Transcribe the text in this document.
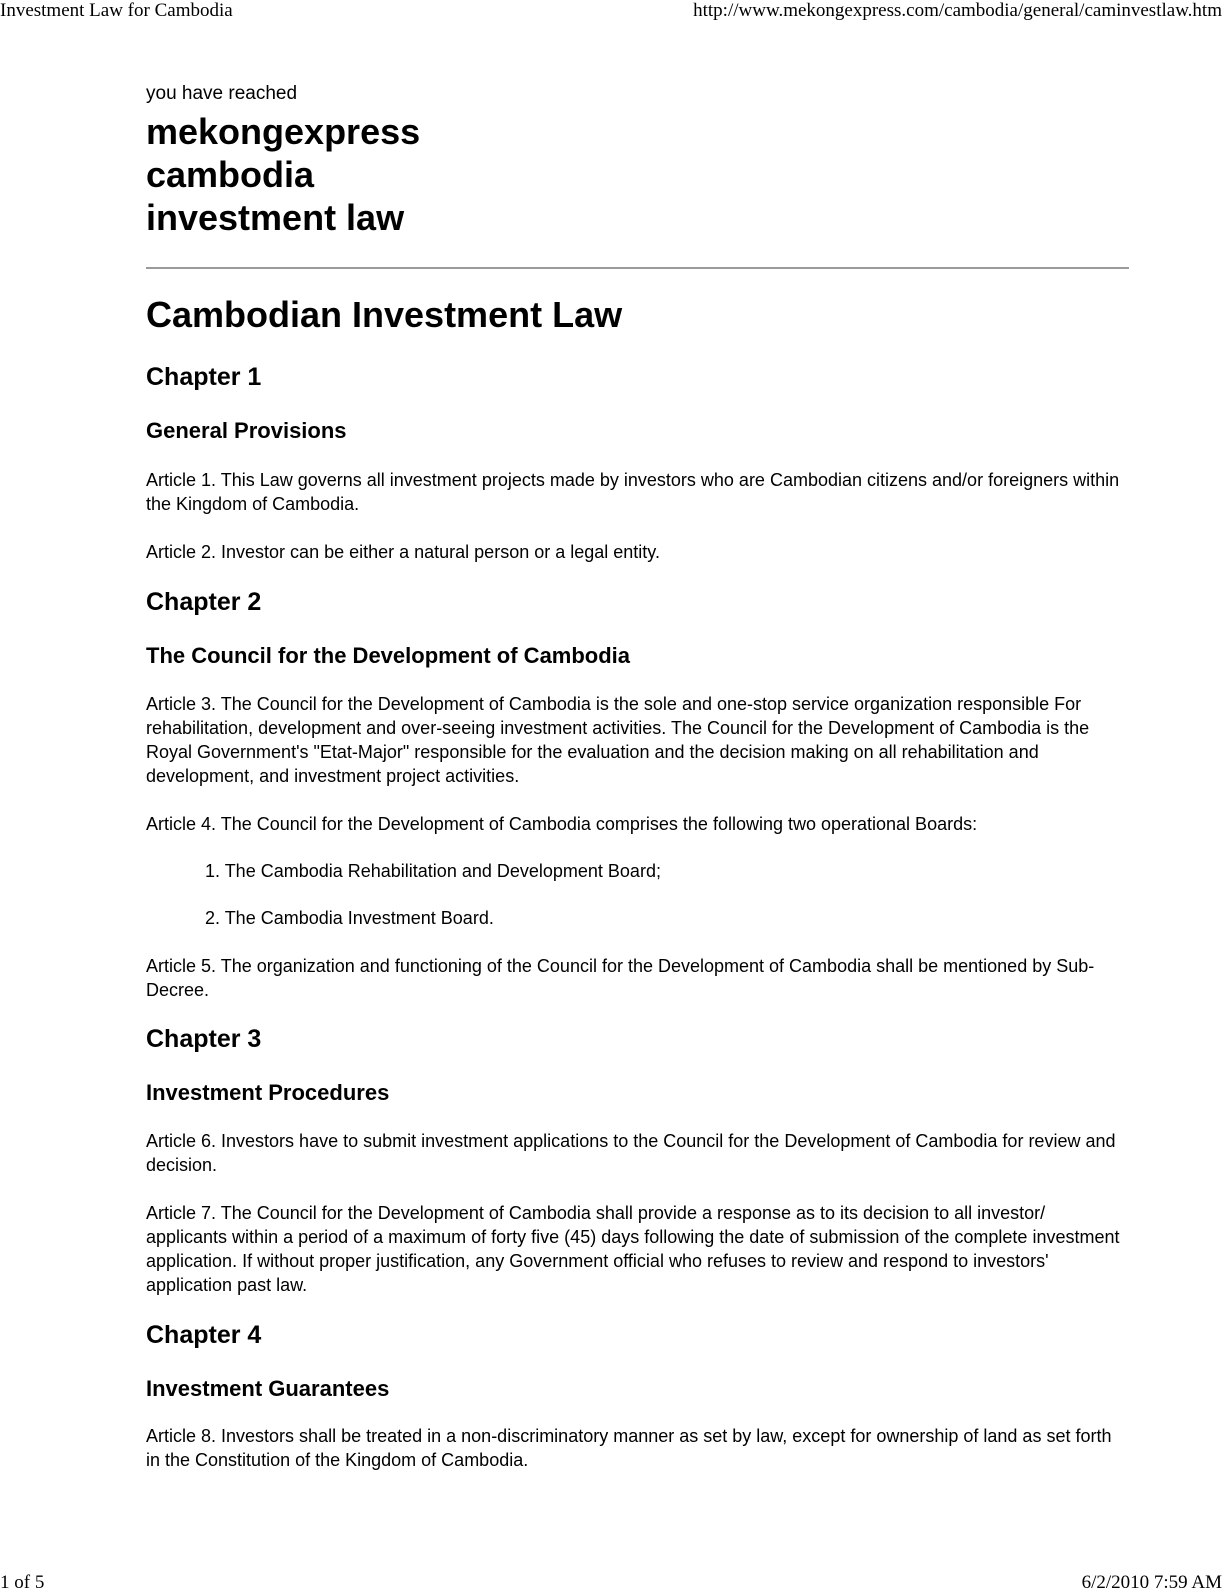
Investment Law for Cambodia	http://www.mekongexpress.com/cambodia/general/caminvestlaw.htm

you have reached

mekongexpress
cambodia
investment law
Cambodian Investment Law
Chapter 1
General Provisions

Article 1. This Law governs all investment projects made by investors who are Cambodian citizens and/or foreigners within the Kingdom of Cambodia.

Article 2. Investor can be either a natural person or a legal entity.

Chapter 2
The Council for the Development of Cambodia

Article 3. The Council for the Development of Cambodia is the sole and one-stop service organization responsible For rehabilitation, development and over-seeing investment activities. The Council for the Development of Cambodia is the Royal Government's "Etat-Major" responsible for the evaluation and the decision making on all rehabilitation and development, and investment project activities.

Article 4. The Council for the Development of Cambodia comprises the following two operational Boards:

1. The Cambodia Rehabilitation and Development Board;

2. The Cambodia Investment Board.

Article 5. The organization and functioning of the Council for the Development of Cambodia shall be mentioned by Sub-Decree.

Chapter 3
Investment Procedures

Article 6. Investors have to submit investment applications to the Council for the Development of Cambodia for review and decision.

Article 7. The Council for the Development of Cambodia shall provide a response as to its decision to all investor/ applicants within a period of a maximum of forty five (45) days following the date of submission of the complete investment application. If without proper justification, any Government official who refuses to review and respond to investors' application past law.

Chapter 4
Investment Guarantees

Article 8. Investors shall be treated in a non-discriminatory manner as set by law, except for ownership of land as set forth in the Constitution of the Kingdom of Cambodia.

1 of 5	6/2/2010 7:59 AM
